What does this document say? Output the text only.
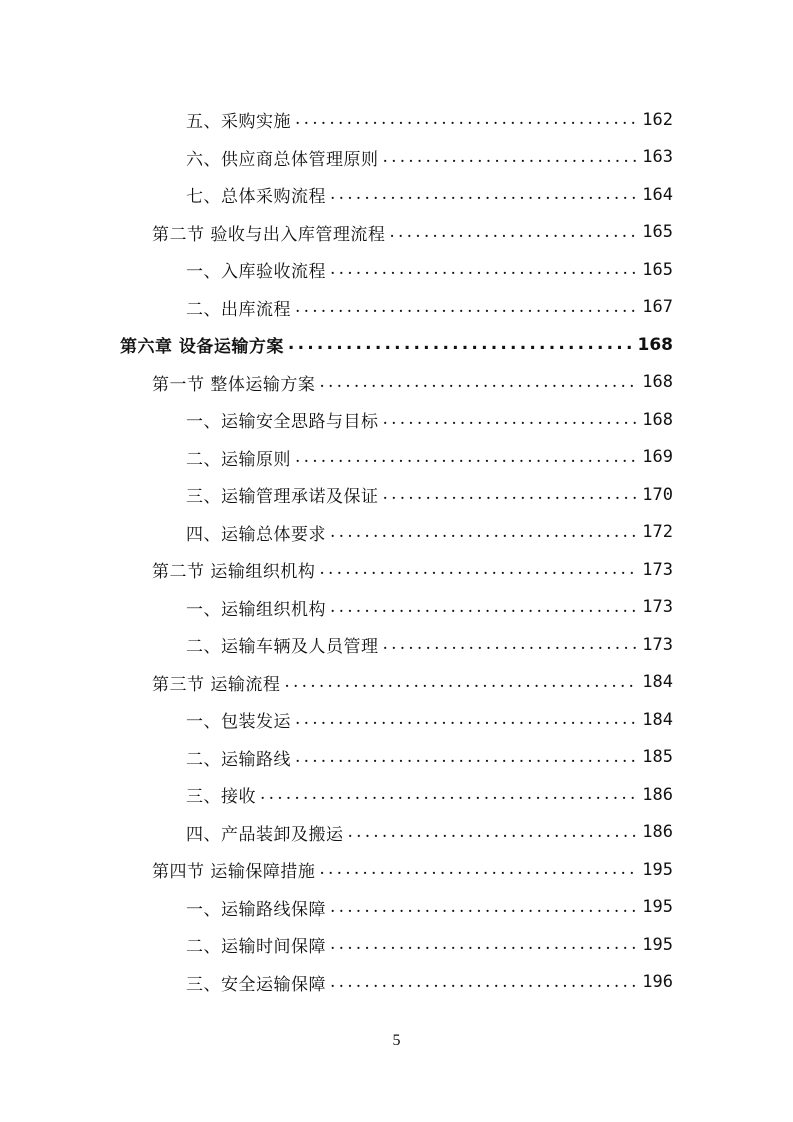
五、采购实施 .....	162
六、供应商总体管理原则 .....	163
七、总体采购流程 .....	164
第二节 验收与出入库管理流程 .....	165
一、入库验收流程 .....	165
二、出库流程 .....	167
第六章 设备运输方案 .....	168
第一节 整体运输方案 .....	168
一、运输安全思路与目标 .....	168
二、运输原则 .....	169
三、运输管理承诺及保证 .....	170
四、运输总体要求 .....	172
第二节 运输组织机构 .....	173
一、运输组织机构 .....	173
二、运输车辆及人员管理 .....	173
第三节 运输流程 .....	184
一、包装发运 .....	184
二、运输路线 .....	185
三、接收 .....	186
四、产品装卸及搬运 .....	186
第四节 运输保障措施 .....	195
一、运输路线保障 .....	195
二、运输时间保障 .....	195
三、安全运输保障 .....	196
5
